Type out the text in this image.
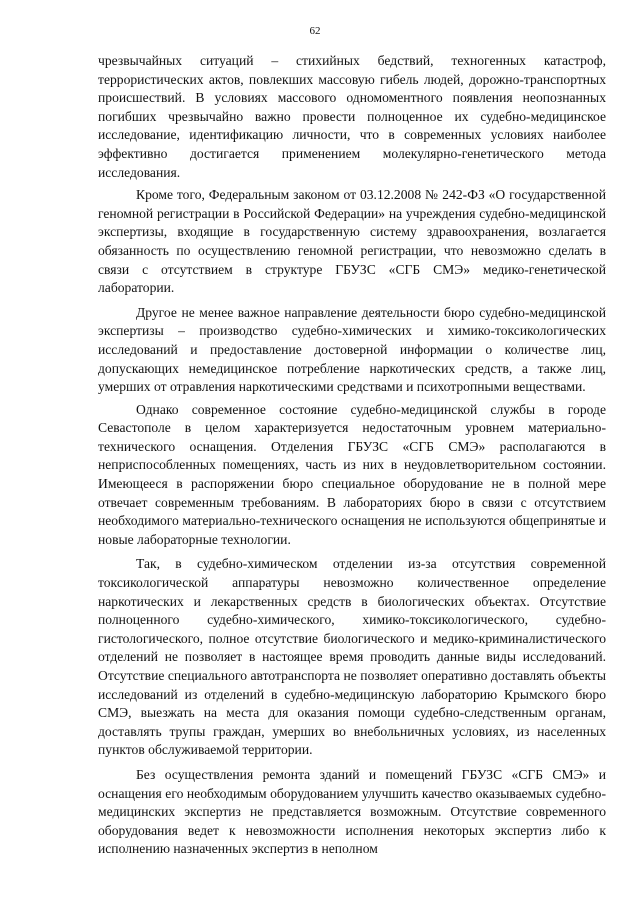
62

чрезвычайных ситуаций – стихийных бедствий, техногенных катастроф, террористических актов, повлекших массовую гибель людей, дорожно-транспортных происшествий. В условиях массового одномоментного появления неопознанных погибших чрезвычайно важно провести полноценное их судебно-медицинское исследование, идентификацию личности, что в современных условиях наиболее эффективно достигается применением молекулярно-генетического метода исследования.

Кроме того, Федеральным законом от 03.12.2008 № 242-ФЗ «О государственной геномной регистрации в Российской Федерации» на учреждения судебно-медицинской экспертизы, входящие в государственную систему здравоохранения, возлагается обязанность по осуществлению геномной регистрации, что невозможно сделать в связи с отсутствием в структуре ГБУЗС «СГБ СМЭ» медико-генетической лаборатории.

Другое не менее важное направление деятельности бюро судебно-медицинской экспертизы – производство судебно-химических и химико-токсикологических исследований и предоставление достоверной информации о количестве лиц, допускающих немедицинское потребление наркотических средств, а также лиц, умерших от отравления наркотическими средствами и психотропными веществами.

Однако современное состояние судебно-медицинской службы в городе Севастополе в целом характеризуется недостаточным уровнем материально-технического оснащения. Отделения ГБУЗС «СГБ СМЭ» располагаются в неприспособленных помещениях, часть из них в неудовлетворительном состоянии. Имеющееся в распоряжении бюро специальное оборудование не в полной мере отвечает современным требованиям. В лабораториях бюро в связи с отсутствием необходимого материально-технического оснащения не используются общепринятые и новые лабораторные технологии.

Так, в судебно-химическом отделении из-за отсутствия современной токсикологической аппаратуры невозможно количественное определение наркотических и лекарственных средств в биологических объектах. Отсутствие полноценного судебно-химического, химико-токсикологического, судебно-гистологического, полное отсутствие биологического и медико-криминалистического отделений не позволяет в настоящее время проводить данные виды исследований. Отсутствие специального автотранспорта не позволяет оперативно доставлять объекты исследований из отделений в судебно-медицинскую лабораторию Крымского бюро СМЭ, выезжать на места для оказания помощи судебно-следственным органам, доставлять трупы граждан, умерших во внебольничных условиях, из населенных пунктов обслуживаемой территории.

Без осуществления ремонта зданий и помещений ГБУЗС «СГБ СМЭ» и оснащения его необходимым оборудованием улучшить качество оказываемых судебно-медицинских экспертиз не представляется возможным. Отсутствие современного оборудования ведет к невозможности исполнения некоторых экспертиз либо к исполнению назначенных экспертиз в неполном
